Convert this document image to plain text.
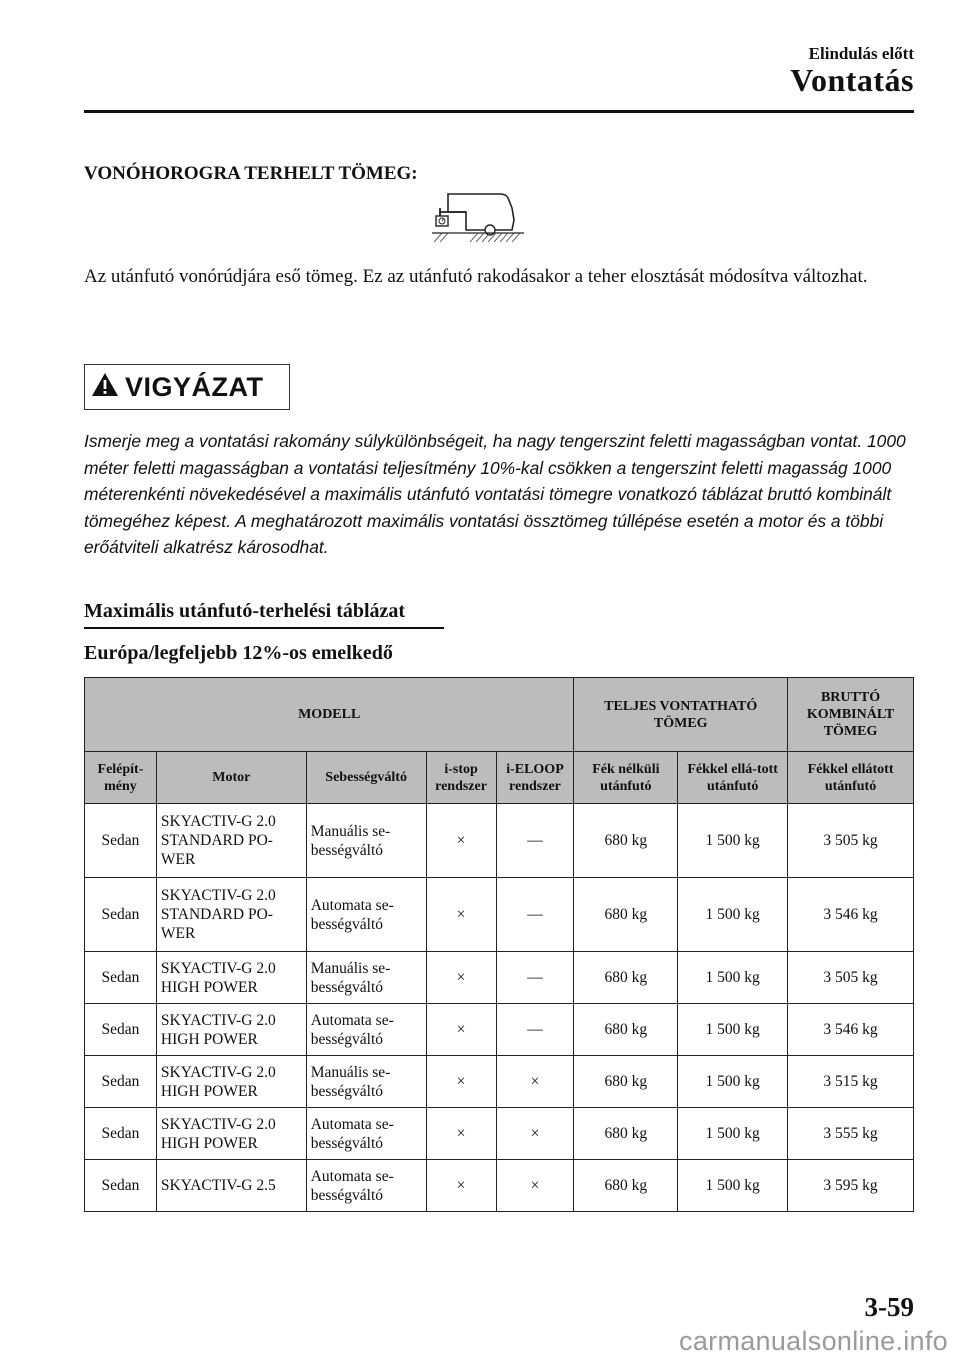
Elindulás előtt
Vontatás
VONÓHOROGRA TERHELT TÖMEG:
Az utánfutó vonórúdjára eső tömeg. Ez az utánfutó rakodásakor a teher elosztását módosítva változhat.
VIGYÁZAT
Ismerje meg a vontatási rakomány súlykülönbségeit, ha nagy tengerszint feletti magasságban vontat. 1000 méter feletti magasságban a vontatási teljesítmény 10%-kal csökken a tengerszint feletti magasság 1000 méterenkénti növekedésével a maximális utánfutó vontatási tömegre vonatkozó táblázat bruttó kombinált tömegéhez képest. A meghatározott maximális vontatási össztömeg túllépése esetén a motor és a többi erőátviteli alkatrész károsodhat.
Maximális utánfutó-terhelési táblázat
Európa/legfeljebb 12%-os emelkedő
MODELL					TELJES VONTATHATÓ TÖMEG		BRUTTÓ KOMBINÁLT TÖMEG
Felépít-mény	Motor	Sebességváltó	i-stop rendszer	i-ELOOP rendszer	Fék nélküli utánfutó	Fékkel ellá-tott utánfutó	Fékkel ellátott utánfutó
Sedan	SKYACTIV-G 2.0 STANDARD PO-WER	Manuális se-bességváltó	×	—	680 kg	1 500 kg	3 505 kg
Sedan	SKYACTIV-G 2.0 STANDARD PO-WER	Automata se-bességváltó	×	—	680 kg	1 500 kg	3 546 kg
Sedan	SKYACTIV-G 2.0 HIGH POWER	Manuális se-bességváltó	×	—	680 kg	1 500 kg	3 505 kg
Sedan	SKYACTIV-G 2.0 HIGH POWER	Automata se-bességváltó	×	—	680 kg	1 500 kg	3 546 kg
Sedan	SKYACTIV-G 2.0 HIGH POWER	Manuális se-bességváltó	×	×	680 kg	1 500 kg	3 515 kg
Sedan	SKYACTIV-G 2.0 HIGH POWER	Automata se-bességváltó	×	×	680 kg	1 500 kg	3 555 kg
Sedan	SKYACTIV-G 2.5	Automata se-bességváltó	×	×	680 kg	1 500 kg	3 595 kg
3-59
carmanualsonline.info
